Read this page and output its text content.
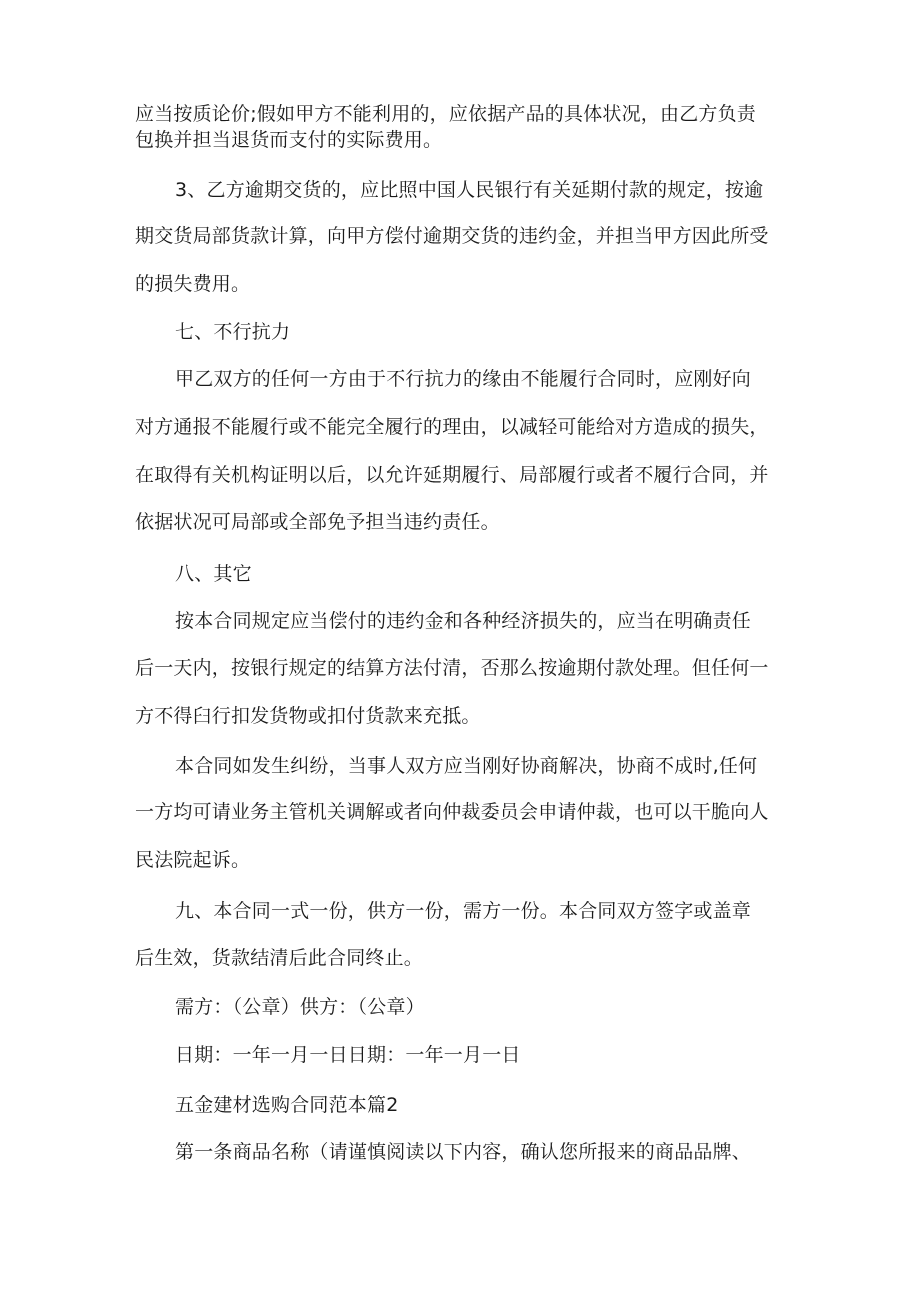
应当按质论价;假如甲方不能利用的，应依据产品的具体状况，由乙方负责
包换并担当退货而支付的实际费用。
3、乙方逾期交货的，应比照中国人民银行有关延期付款的规定，按逾
期交货局部货款计算，向甲方偿付逾期交货的违约金，并担当甲方因此所受
的损失费用。
七、不行抗力
甲乙双方的任何一方由于不行抗力的缘由不能履行合同时，应刚好向
对方通报不能履行或不能完全履行的理由，以减轻可能给对方造成的损失，
在取得有关机构证明以后，以允许延期履行、局部履行或者不履行合同，并
依据状况可局部或全部免予担当违约责任。
八、其它
按本合同规定应当偿付的违约金和各种经济损失的，应当在明确责任
后一天内，按银行规定的结算方法付清，否那么按逾期付款处理。但任何一
方不得臼行扣发货物或扣付货款来充抵。
本合同如发生纠纷，当事人双方应当刚好协商解决，协商不成时,任何
一方均可请业务主管机关调解或者向仲裁委员会申请仲裁，也可以干脆向人
民法院起诉。
九、本合同一式一份，供方一份，需方一份。本合同双方签字或盖章
后生效，货款结清后此合同终止。
需方：（公章）供方：（公章）
日期：一年一月一日日期：一年一月一日
五金建材选购合同范本篇2
第一条商品名称（请谨慎阅读以下内容，确认您所报来的商品品牌、
